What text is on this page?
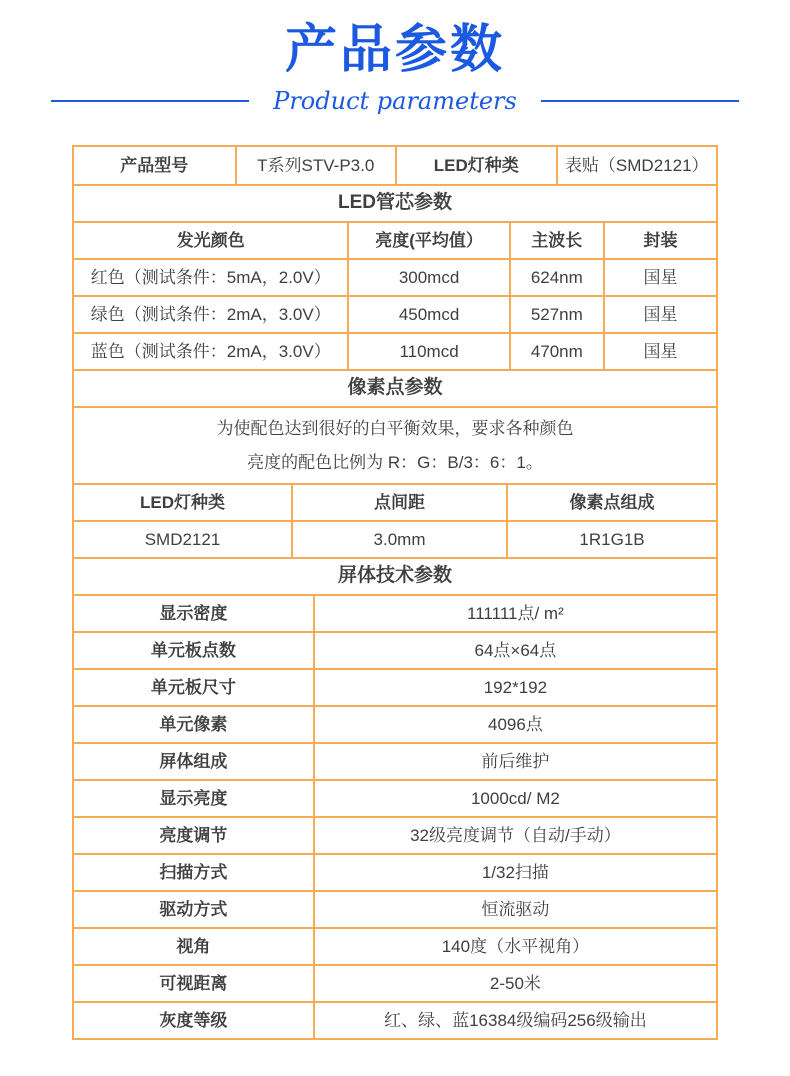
产品参数
Product parameters
产品型号	T系列STV-P3.0	LED灯种类	表贴（SMD2121）
LED管芯参数
发光颜色	亮度(平均值）	主波长	封装
红色（测试条件：5mA，2.0V）	300mcd	624nm	国星
绿色（测试条件：2mA，3.0V）	450mcd	527nm	国星
蓝色（测试条件：2mA，3.0V）	110mcd	470nm	国星
像素点参数
为使配色达到很好的白平衡效果，要求各种颜色
亮度的配色比例为 R：G：B/3：6：1。
LED灯种类	点间距	像素点组成
SMD2121	3.0mm	1R1G1B
屏体技术参数
显示密度	111111点/ m²
单元板点数	64点×64点
单元板尺寸	192*192
单元像素	4096点
屏体组成	前后维护
显示亮度	1000cd/ M2
亮度调节	32级亮度调节（自动/手动）
扫描方式	1/32扫描
驱动方式	恒流驱动
视角	140度（水平视角）
可视距离	2-50米
灰度等级	红、绿、蓝16384级编码256级输出
